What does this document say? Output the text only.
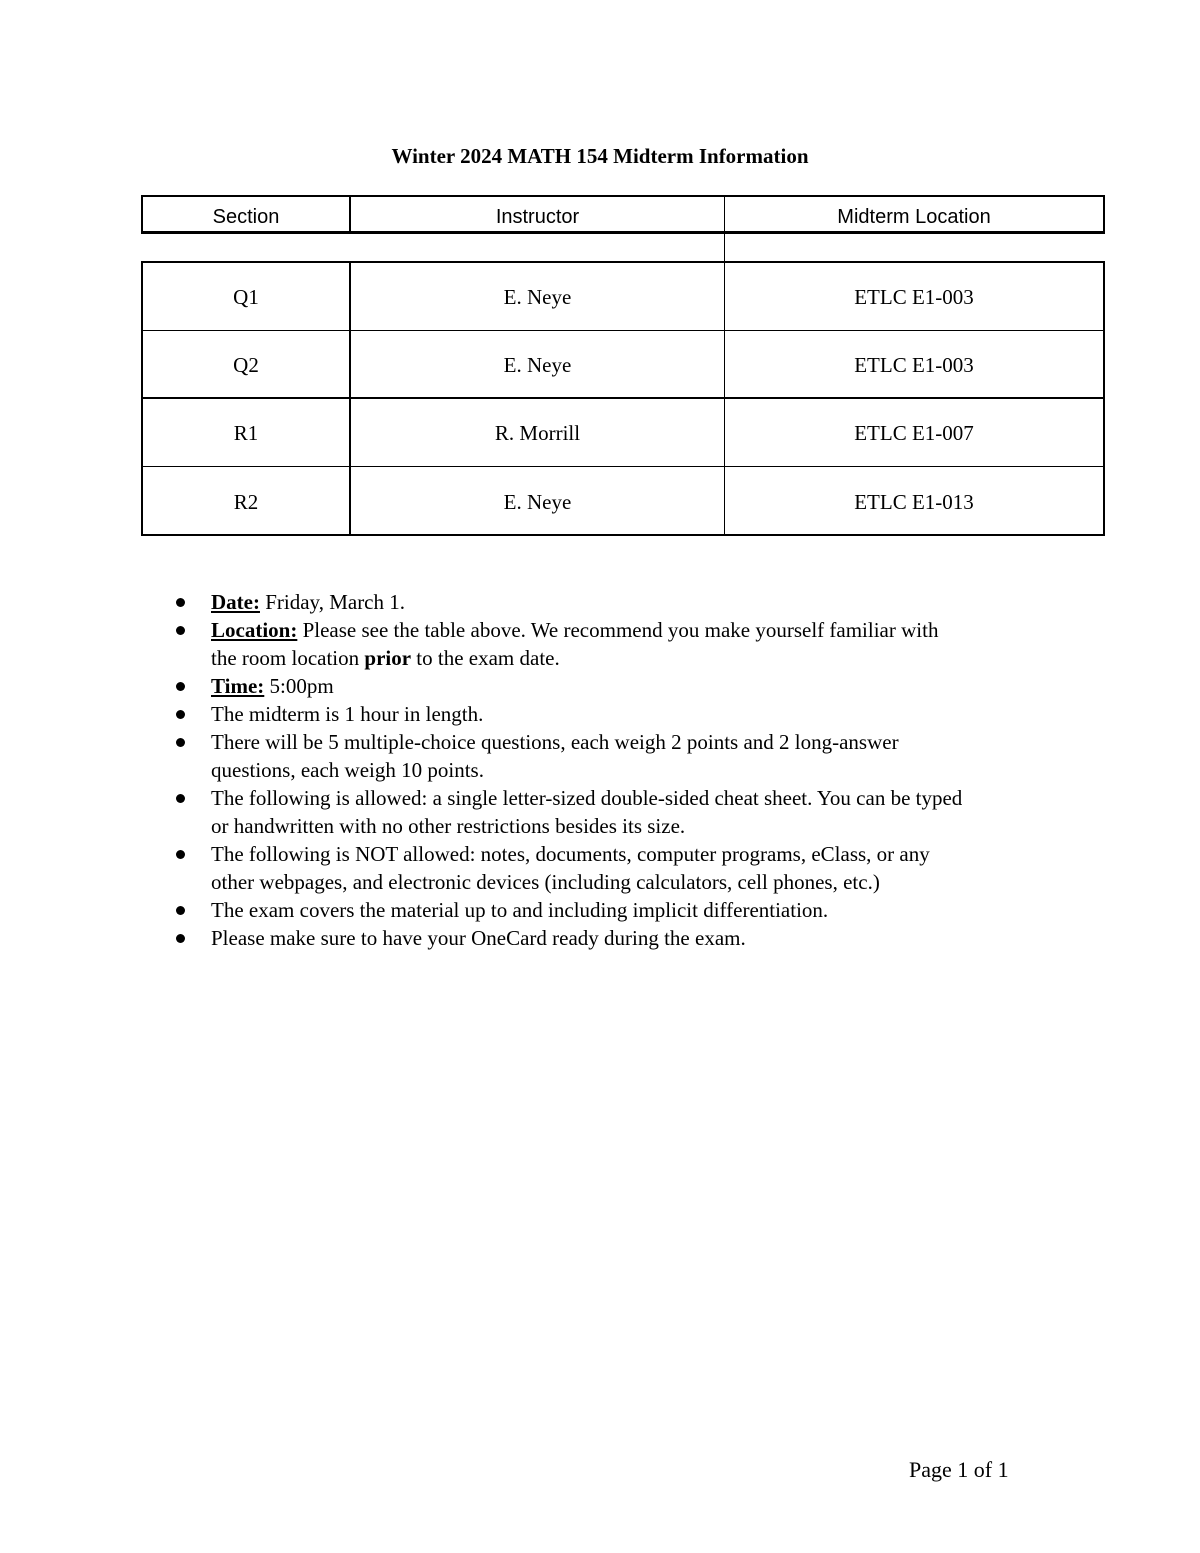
Winter 2024 MATH 154 Midterm Information
Section	Instructor	Midterm Location
Q1	E. Neye	ETLC E1-003
Q2	E. Neye	ETLC E1-003
R1	R. Morrill	ETLC E1-007
R2	E. Neye	ETLC E1-013
Date: Friday, March 1.
Location: Please see the table above. We recommend you make yourself familiar with
the room location prior to the exam date.
Time: 5:00pm
The midterm is 1 hour in length.
There will be 5 multiple-choice questions, each weigh 2 points and 2 long-answer
questions, each weigh 10 points.
The following is allowed: a single letter-sized double-sided cheat sheet. You can be typed
or handwritten with no other restrictions besides its size.
The following is NOT allowed: notes, documents, computer programs, eClass, or any
other webpages, and electronic devices (including calculators, cell phones, etc.)
The exam covers the material up to and including implicit differentiation.
Please make sure to have your OneCard ready during the exam.
Page 1 of 1
